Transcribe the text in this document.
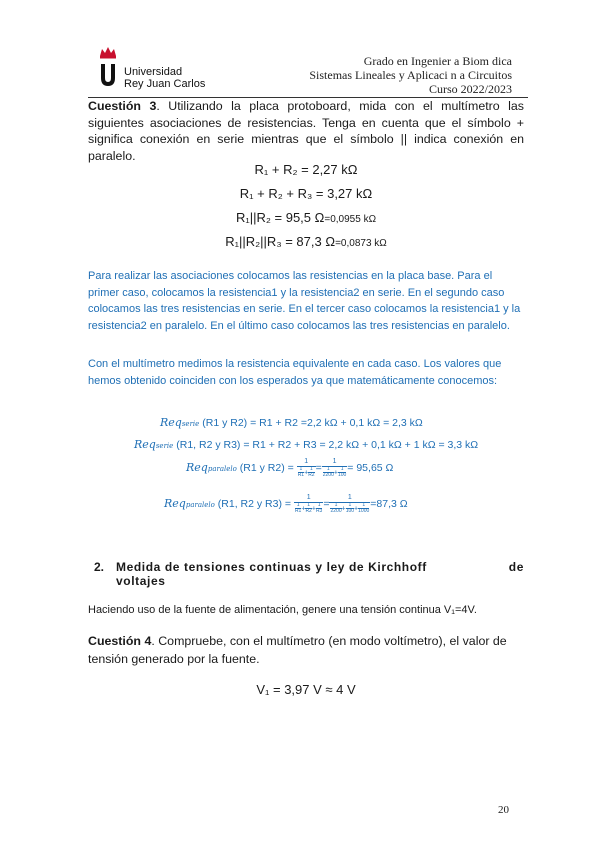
Universidad
Rey Juan Carlos
Grado en Ingenier a Biom dica
Sistemas Lineales y Aplicaci n a Circuitos
Curso 2022/2023
Cuestión 3. Utilizando la placa protoboard, mida con el multímetro las siguientes asociaciones de resistencias. Tenga en cuenta que el símbolo + significa conexión en serie mientras que el símbolo || indica conexión en paralelo.
R₁ + R₂ = 2,27 kΩ
R₁ + R₂ + R₃ = 3,27 kΩ
R₁||R₂ = 95,5 Ω=0,0955 kΩ
R₁||R₂||R₃ = 87,3 Ω=0,0873 kΩ
Para realizar las asociaciones colocamos las resistencias en la placa base. Para el primer caso, colocamos la resistencia1 y la resistencia2 en serie. En el segundo caso colocamos las tres resistencias en serie. En el tercer caso colocamos la resistencia1 y la resistencia2 en paralelo. En el último caso colocamos las tres resistencias en paralelo.
Con el multímetro medimos la resistencia equivalente en cada caso. Los valores que hemos obtenido coinciden con los esperados ya que matemáticamente conocemos:
Reqserie (R1 y R2) = R1 + R2 =2,2 kΩ + 0,1 kΩ = 2,3 kΩ
Reqserie (R1, R2 y R3) = R1 + R2 + R3 = 2,2 kΩ + 0,1 kΩ + 1 kΩ = 3,3 kΩ
Reqparalelo (R1 y $R2) = \frac{1}{\frac{1}{R1} + \frac{1}{R2}} = \frac{1}{\frac{1}{2200} + \frac{1}{100}} = 95,65$ Ω
Reqparalelo (R1, R2 y $R3) = \frac{1}{\frac{1}{R1} + \frac{1}{R2} + \frac{1}{R3}} = \frac{1}{\frac{1}{2200} + \frac{1}{100} + \frac{1}{1000}} =87,3$ Ω
2. Medida de tensiones continuas y ley de Kirchhoff	de
voltajes
Haciendo uso de la fuente de alimentación, genere una tensión continua V₁=4V.
Cuestión 4. Compruebe, con el multímetro (en modo voltímetro), el valor de tensión generado por la fuente.
V₁ = 3,97 V ≈ 4 V
20
